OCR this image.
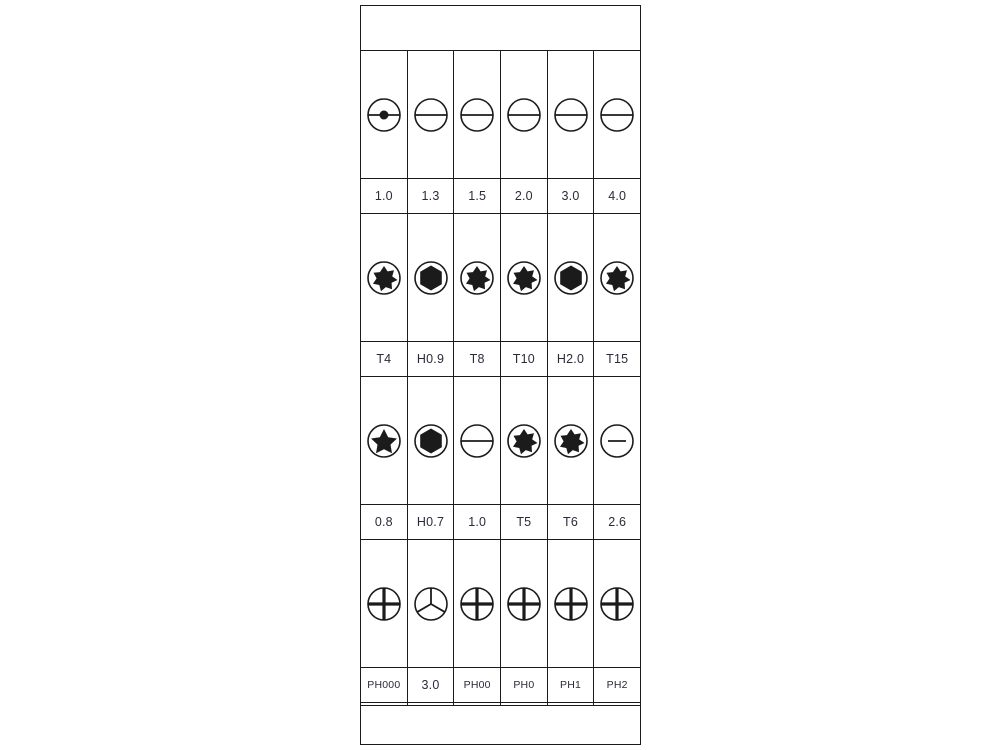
1.0
T4
0.8
PH000
1.3
H0.9
H0.7
3.0
1.5
T8
1.0
PH00
2.0
T10
T5
PH0
3.0
H2.0
T6
PH1
4.0
T15
2.6
PH2
